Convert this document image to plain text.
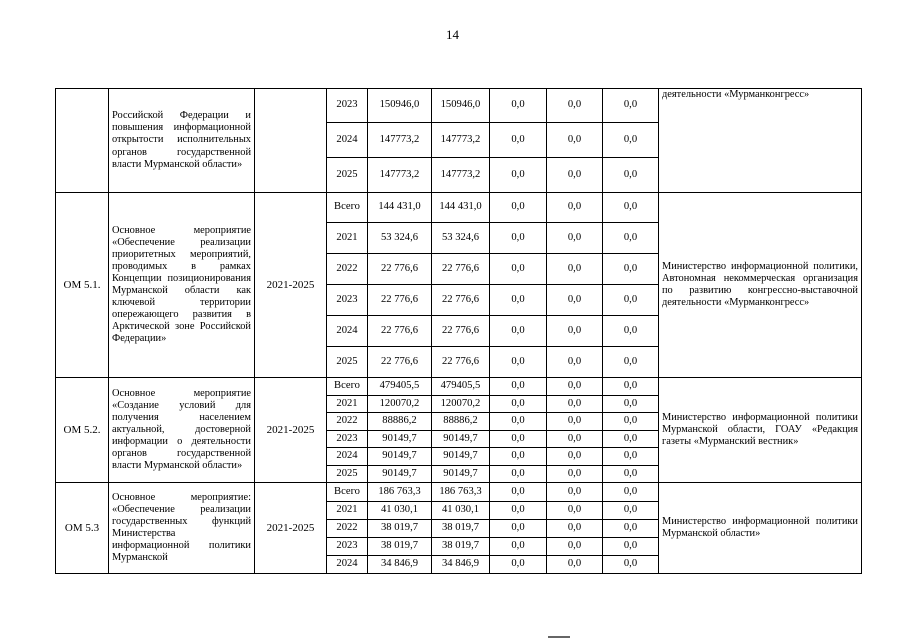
14
	Российской Федерации и повышения информационной открытости исполнительных органов государственной власти Мурманской области»		2023	150946,0	150946,0	0,0	0,0	0,0	деятельности «Мурманконгресс»
			2024	147773,2	147773,2	0,0	0,0	0,0	
			2025	147773,2	147773,2	0,0	0,0	0,0	
ОМ 5.1.	Основное мероприятие «Обеспечение реализации приоритетных мероприятий, проводимых в рамках Концепции позиционирования Мурманской области как ключевой территории опережающего развития в Арктической зоне Российской Федерации»	2021-2025	Всего	144 431,0	144 431,0	0,0	0,0	0,0	Министерство информационной политики, Автономная некоммерческая организация по развитию конгрессно-выставочной деятельности «Мурманконгресс»
			2021	53 324,6	53 324,6	0,0	0,0	0,0	
			2022	22 776,6	22 776,6	0,0	0,0	0,0	
			2023	22 776,6	22 776,6	0,0	0,0	0,0	
			2024	22 776,6	22 776,6	0,0	0,0	0,0	
			2025	22 776,6	22 776,6	0,0	0,0	0,0	
ОМ 5.2.	Основное мероприятие «Создание условий для получения населением актуальной, достоверной информации о деятельности органов государственной власти Мурманской области»	2021-2025	Всего	479405,5	479405,5	0,0	0,0	0,0	Министерство информационной политики Мурманской области, ГОАУ «Редакция газеты «Мурманский вестник»
			2021	120070,2	120070,2	0,0	0,0	0,0	
			2022	88886,2	88886,2	0,0	0,0	0,0	
			2023	90149,7	90149,7	0,0	0,0	0,0	
			2024	90149,7	90149,7	0,0	0,0	0,0	
			2025	90149,7	90149,7	0,0	0,0	0,0	
ОМ 5.3	Основное мероприятие: «Обеспечение реализации государственных функций Министерства информационной политики Мурманской	2021-2025	Всего	186 763,3	186 763,3	0,0	0,0	0,0	Министерство информационной политики Мурманской области»
			2021	41 030,1	41 030,1	0,0	0,0	0,0	
			2022	38 019,7	38 019,7	0,0	0,0	0,0	
			2023	38 019,7	38 019,7	0,0	0,0	0,0	
			2024	34 846,9	34 846,9	0,0	0,0	0,0	
